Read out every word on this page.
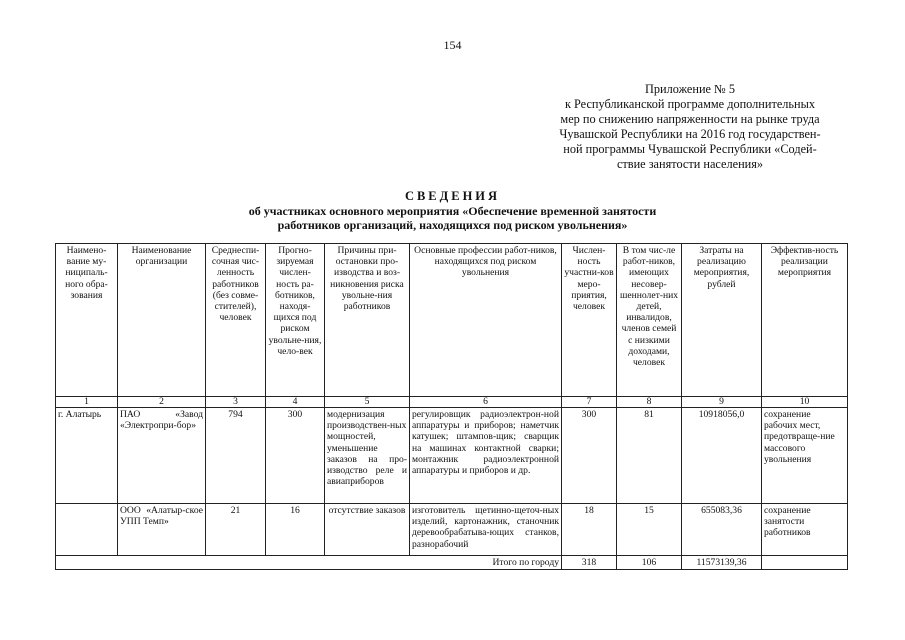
154
Приложение № 5
к Республиканской программе дополнительных
мер по снижению напряженности на рынке труда
Чувашской Республики на 2016 год государствен-
ной программы Чувашской Республики «Содей-
ствие занятости населения»
СВЕДЕНИЯ
об участниках основного мероприятия «Обеспечение временной занятости
работников организаций, находящихся под риском увольнения»
Наимено-вание му-ниципаль-ного обра-зования	Наименование организации	Среднеспи-сочная чис-ленность работников (без совме-стителей), человек	Прогно-зируемая числен-ность ра-ботников, находя-щихся под риском увольне-ния, чело-век	Причины при-остановки про-изводства и воз-никновения риска увольне-ния работников	Основные профессии работ-ников, находящихся под риском увольнения	Числен-ность участни-ков меро-приятия, человек	В том чис-ле работ-ников, имеющих несовер-шеннолет-них детей, инвалидов, членов семей с низкими доходами, человек	Затраты на реализацию мероприятия, рублей	Эффектив-ность реализации мероприятия
1	2	3	4	5	6	7	8	9	10
г. Алатырь	ПАО «Завод «Электропри-бор»	794	300	модернизация производствен-ных мощностей, уменьшение заказов на про-изводство реле и авиаприборов	регулировщик радиоэлектрон-ной аппаратуры и приборов; наметчик катушек; штампов-щик; сварщик на машинах контактной сварки; монтажник радиоэлектронной аппаратуры и приборов и др.	300	81	10918056,0	сохранение рабочих мест, предотвраще-ние массового увольнения
	ООО «Алатыр-ское УПП Темп»	21	16	отсутствие заказов	изготовитель щетинно-щеточ-ных изделий, картонажник, станочник деревообрабатыва-ющих станков, разнорабочий	18	15	655083,36	сохранение занятости работников
Итого по городу						318	106	11573139,36	
